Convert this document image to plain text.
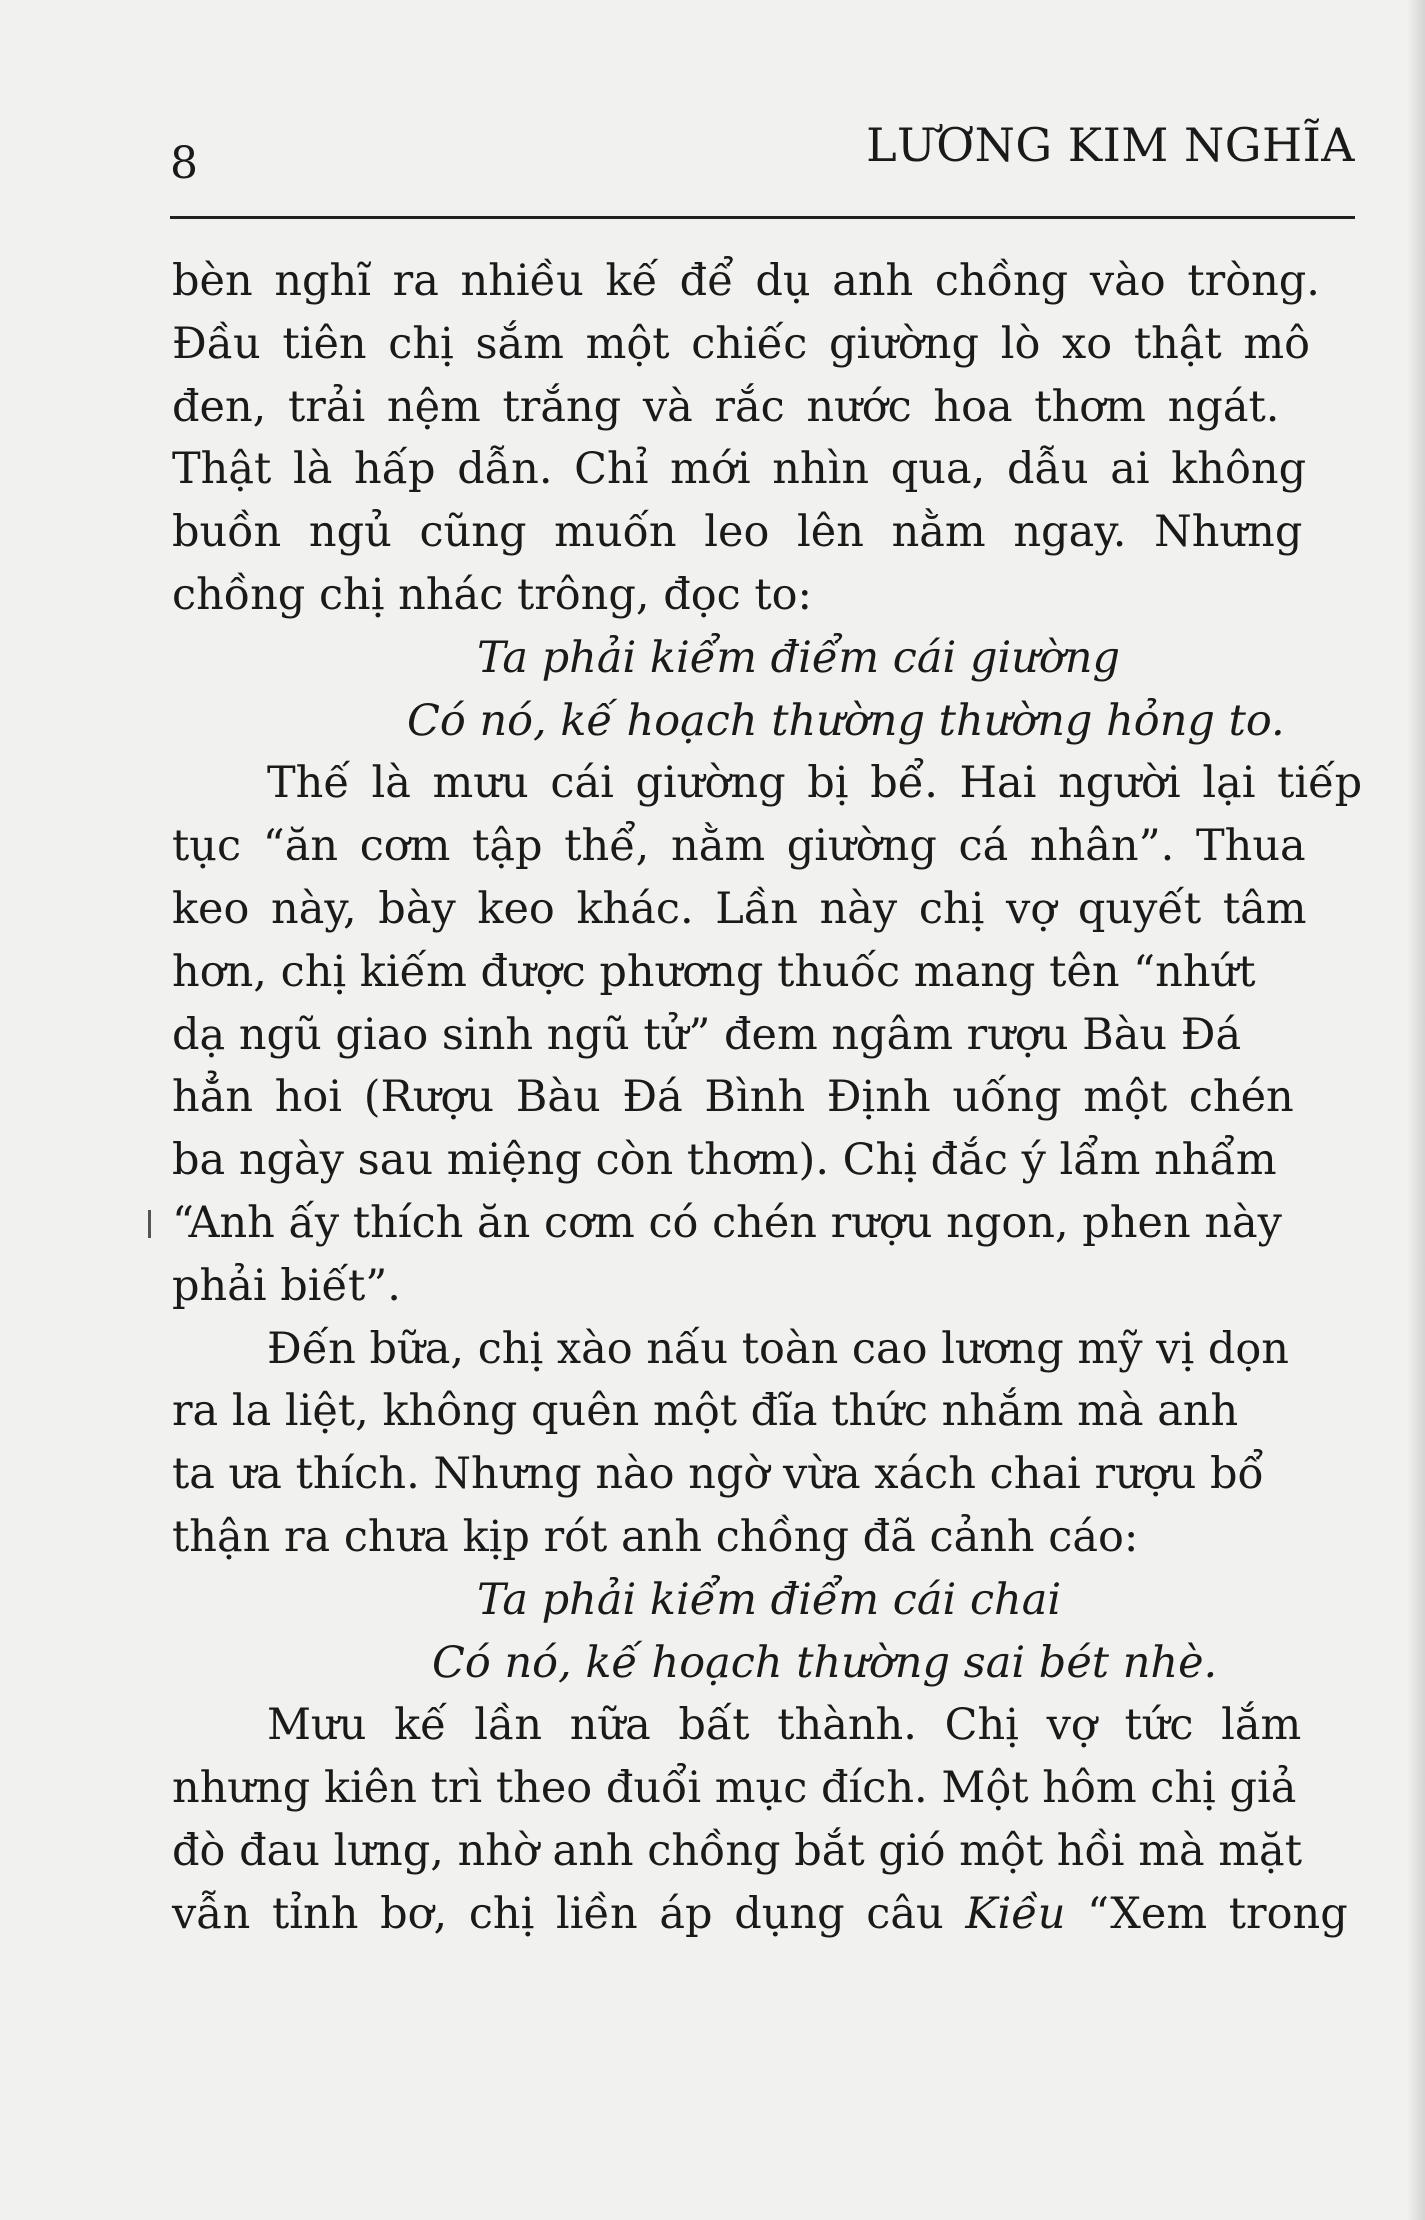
8	LƯƠNG KIM NGHĨA
bèn nghĩ ra nhiều kế để dụ anh chồng vào tròng.
Đầu tiên chị sắm một chiếc giường lò xo thật mô
đen, trải nệm trắng và rắc nước hoa thơm ngát.
Thật là hấp dẫn. Chỉ mới nhìn qua, dẫu ai không
buồn ngủ cũng muốn leo lên nằm ngay. Nhưng
chồng chị nhác trông, đọc to:
Ta phải kiểm điểm cái giường
Có nó, kế hoạch thường thường hỏng to.
Thế là mưu cái giường bị bể. Hai người lại tiếp
tục “ăn cơm tập thể, nằm giường cá nhân”. Thua
keo này, bày keo khác. Lần này chị vợ quyết tâm
hơn, chị kiếm được phương thuốc mang tên “nhứt
dạ ngũ giao sinh ngũ tử” đem ngâm rượu Bàu Đá
hẳn hoi (Rượu Bàu Đá Bình Định uống một chén
ba ngày sau miệng còn thơm). Chị đắc ý lẩm nhẩm
“Anh ấy thích ăn cơm có chén rượu ngon, phen này
phải biết”.
Đến bữa, chị xào nấu toàn cao lương mỹ vị dọn
ra la liệt, không quên một đĩa thức nhắm mà anh
ta ưa thích. Nhưng nào ngờ vừa xách chai rượu bổ
thận ra chưa kịp rót anh chồng đã cảnh cáo:
Ta phải kiểm điểm cái chai
Có nó, kế hoạch thường sai bét nhè.
Mưu kế lần nữa bất thành. Chị vợ tức lắm
nhưng kiên trì theo đuổi mục đích. Một hôm chị giả
đò đau lưng, nhờ anh chồng bắt gió một hồi mà mặt
vẫn tỉnh bơ, chị liền áp dụng câu Kiều “Xem trong
